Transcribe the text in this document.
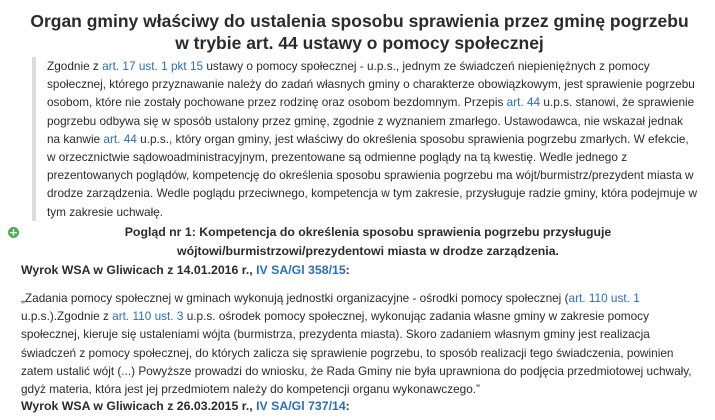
Organ gminy właściwy do ustalenia sposobu sprawienia przez gminę pogrzebu w trybie art. 44 ustawy o pomocy społecznej
Zgodnie z art. 17 ust. 1 pkt 15 ustawy o pomocy społecznej - u.p.s., jednym ze świadczeń niepieniężnych z pomocy społecznej, którego przyznawanie należy do zadań własnych gminy o charakterze obowiązkowym, jest sprawienie pogrzebu osobom, które nie zostały pochowane przez rodzinę oraz osobom bezdomnym. Przepis art. 44 u.p.s. stanowi, że sprawienie pogrzebu odbywa się w sposób ustalony przez gminę, zgodnie z wyznaniem zmarłego. Ustawodawca, nie wskazał jednak na kanwie art. 44 u.p.s., który organ gminy, jest właściwy do określenia sposobu sprawienia pogrzebu zmarłych. W efekcie, w orzecznictwie sądowoadministracyjnym, prezentowane są odmienne poglądy na tą kwestię. Wedle jednego z prezentowanych poglądów, kompetencję do określenia sposobu sprawienia pogrzebu ma wójt/burmistrz/prezydent miasta w drodze zarządzenia. Wedle poglądu przeciwnego, kompetencja w tym zakresie, przysługuje radzie gminy, która podejmuje w tym zakresie uchwałę.
+	Pogląd nr 1: Kompetencja do określenia sposobu sprawienia pogrzebu przysługuje wójtowi/burmistrzowi/prezydentowi miasta w drodze zarządzenia.

Wyrok WSA w Gliwicach z 14.01.2016 r., IV SA/Gl 358/15:
„Zadania pomocy społecznej w gminach wykonują jednostki organizacyjne - ośrodki pomocy społecznej (art. 110 ust. 1 u.p.s.).Zgodnie z art. 110 ust. 3 u.p.s. ośrodek pomocy społecznej, wykonując zadania własne gminy w zakresie pomocy społecznej, kieruje się ustaleniami wójta (burmistrza, prezydenta miasta). Skoro zadaniem własnym gminy jest realizacja świadczeń z pomocy społecznej, do których zalicza się sprawienie pogrzebu, to sposób realizacji tego świadczenia, powinien zatem ustalić wójt (...) Powyższe prowadzi do wniosku, że Rada Gminy nie była uprawniona do podjęcia przedmiotowej uchwały, gdyż materia, która jest jej przedmiotem należy do kompetencji organu wykonawczego.”
Wyrok WSA w Gliwicach z 26.03.2015 r., IV SA/Gl 737/14:
